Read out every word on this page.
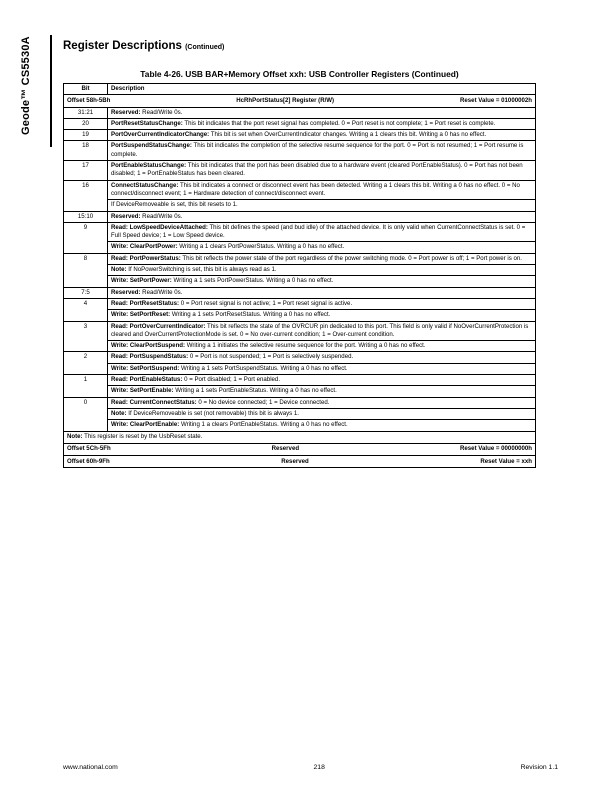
Geode™ CS5530A	Register Descriptions (Continued)
Table 4-26. USB BAR+Memory Offset xxh: USB Controller Registers (Continued)
Bit	Description

Offset 58h-5Bh HcRhPortStatus[2] Register (R/W) Reset Value = 01000002h	

31:21	Reserved: Read/Write 0s.

20	PortResetStatusChange: This bit indicates that the port reset signal has completed. 0 = Port reset is not complete; 1 = Port reset is complete.

19	PortOverCurrentIndicatorChange: This bit is set when OverCurrentIndicator changes. Writing a 1 clears this bit. Writing a 0 has no effect.

18	PortSuspendStatusChange: This bit indicates the completion of the selective resume sequence for the port. 0 = Port is not resumed; 1 = Port resume is complete.

17	PortEnableStatusChange: This bit indicates that the port has been disabled due to a hardware event (cleared PortEnableStatus). 0 = Port has not been disabled; 1 = PortEnableStatus has been cleared.

16	ConnectStatusChange: This bit indicates a connect or disconnect event has been detected. Writing a 1 clears this bit. Writing a 0 has no effect. 0 = No connect/disconnect event; 1 = Hardware detection of connect/disconnect event.
If DeviceRemoveable is set, this bit resets to 1.

15:10	Reserved: Read/Write 0s.

9	Read: LowSpeedDeviceAttached: This bit defines the speed (and bud idle) of the attached device. It is only valid when CurrentConnectStatus is set. 0 = Full Speed device; 1 = Low Speed device.
Write: ClearPortPower: Writing a 1 clears PortPowerStatus. Writing a 0 has no effect.

8	Read: PortPowerStatus: This bit reflects the power state of the port regardless of the power switching mode. 0 = Port power is off; 1 = Port power is on.
Note: If NoPowerSwitching is set, this bit is always read as 1.
Write: SetPortPower: Writing a 1 sets PortPowerStatus. Writing a 0 has no effect.

7:5	Reserved: Read/Write 0s.

4	Read: PortResetStatus: 0 = Port reset signal is not active; 1 = Port reset signal is active.
Write: SetPortReset: Writing a 1 sets PortResetStatus. Writing a 0 has no effect.

3	Read: PortOverCurrentIndicator: This bit reflects the state of the OVRCUR pin dedicated to this port. This field is only valid if NoOverCurrentProtection is cleared and OverCurrentProtectionMode is set. 0 = No over-current condition; 1 = Over-current condition.
Write: ClearPortSuspend: Writing a 1 initiates the selective resume sequence for the port. Writing a 0 has no effect.

2	Read: PortSuspendStatus: 0 = Port is not suspended; 1 = Port is selectively suspended.
Write: SetPortSuspend: Writing a 1 sets PortSuspendStatus. Writing a 0 has no effect.

1	Read: PortEnableStatus: 0 = Port disabled; 1 = Port enabled.
Write: SetPortEnable: Writing a 1 sets PortEnableStatus. Writing a 0 has no effect.

0	Read: CurrentConnectStatus: 0 = No device connected; 1 = Device connected.
Note: If DeviceRemoveable is set (not removable) this bit is always 1.
Write: ClearPortEnable: Writing 1 a clears PortEnableStatus. Writing a 0 has no effect.

Note: This register is reset by the UsbReset state.	

Offset 5Ch-5Fh Reserved Reset Value = 00000000h	

Offset 60h-9Fh Reserved Reset Value = xxh	
www.national.com	218	Revision 1.1
